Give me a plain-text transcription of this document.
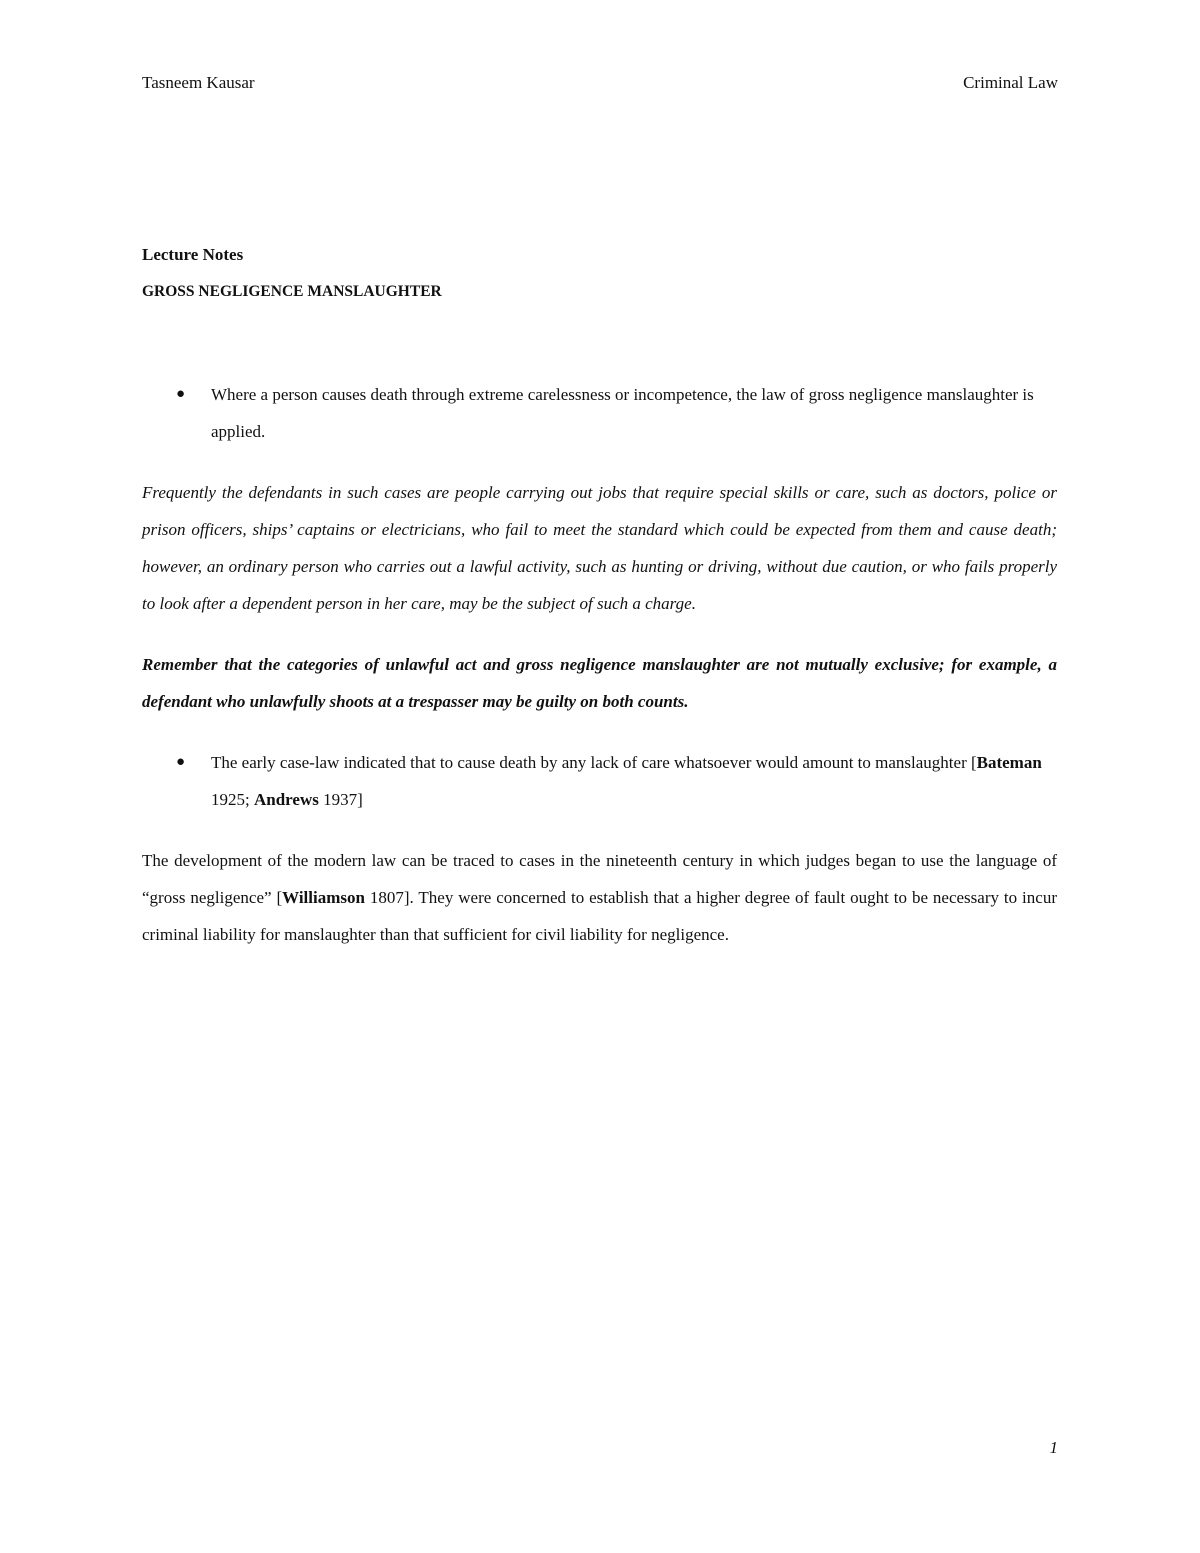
Tasneem Kausar	Criminal Law

Lecture Notes

GROSS NEGLIGENCE MANSLAUGHTER

● Where a person causes death through extreme carelessness or incompetence, the law of gross negligence manslaughter is applied.

Frequently the defendants in such cases are people carrying out jobs that require special skills or care, such as doctors, police or prison officers, ships’ captains or electricians, who fail to meet the standard which could be expected from them and cause death; however, an ordinary person who carries out a lawful activity, such as hunting or driving, without due caution, or who fails properly to look after a dependent person in her care, may be the subject of such a charge.

Remember that the categories of unlawful act and gross negligence manslaughter are not mutually exclusive; for example, a defendant who unlawfully shoots at a trespasser may be guilty on both counts.

● The early case-law indicated that to cause death by any lack of care whatsoever would amount to manslaughter [Bateman 1925; Andrews 1937]

The development of the modern law can be traced to cases in the nineteenth century in which judges began to use the language of “gross negligence” [Williamson 1807]. They were concerned to establish that a higher degree of fault ought to be necessary to incur criminal liability for manslaughter than that sufficient for civil liability for negligence.

1
